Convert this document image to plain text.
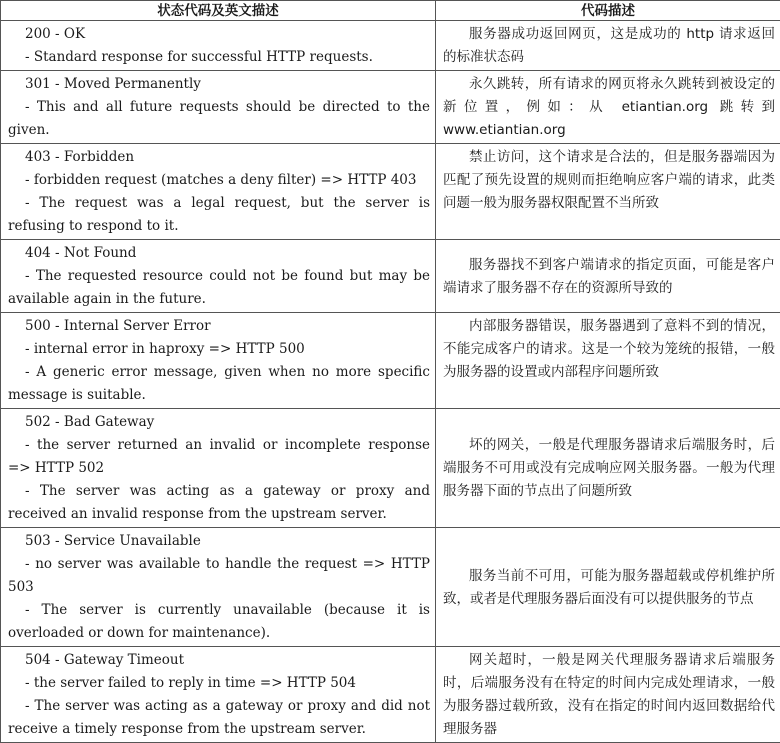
状态代码及英文描述	代码描述

200 - OK

- Standard response for successful HTTP requests.	服务器成功返回网页，这是成功的 http 请求返回的标准状态码

301 - Moved Permanently

- This and all future requests should be directed to the given.	永久跳转，所有请求的网页将永久跳转到被设定的新位置，例如：从 etiantian.org 跳转到 www.etiantian.org

403 - Forbidden

- forbidden request (matches a deny filter) => HTTP 403

- The request was a legal request, but the server is refusing to respond to it.	禁止访问，这个请求是合法的，但是服务器端因为匹配了预先设置的规则而拒绝响应客户端的请求，此类问题一般为服务器权限配置不当所致

404 - Not Found

- The requested resource could not be found but may be available again in the future.	服务器找不到客户端请求的指定页面，可能是客户端请求了服务器不存在的资源所导致的

500 - Internal Server Error

- internal error in haproxy => HTTP 500

- A generic error message, given when no more specific message is suitable.	内部服务器错误，服务器遇到了意料不到的情况，不能完成客户的请求。这是一个较为笼统的报错，一般为服务器的设置或内部程序问题所致

502 - Bad Gateway

- the server returned an invalid or incomplete response => HTTP 502

- The server was acting as a gateway or proxy and received an invalid response from the upstream server.	坏的网关，一般是代理服务器请求后端服务时，后端服务不可用或没有完成响应网关服务器。一般为代理服务器下面的节点出了问题所致

503 - Service Unavailable

- no server was available to handle the request => HTTP 503

- The server is currently unavailable (because it is overloaded or down for maintenance).	服务当前不可用，可能为服务器超载或停机维护所致，或者是代理服务器后面没有可以提供服务的节点

504 - Gateway Timeout

- the server failed to reply in time => HTTP 504

- The server was acting as a gateway or proxy and did not receive a timely response from the upstream server.	网关超时，一般是网关代理服务器请求后端服务时，后端服务没有在特定的时间内完成处理请求，一般为服务器过载所致，没有在指定的时间内返回数据给代理服务器
